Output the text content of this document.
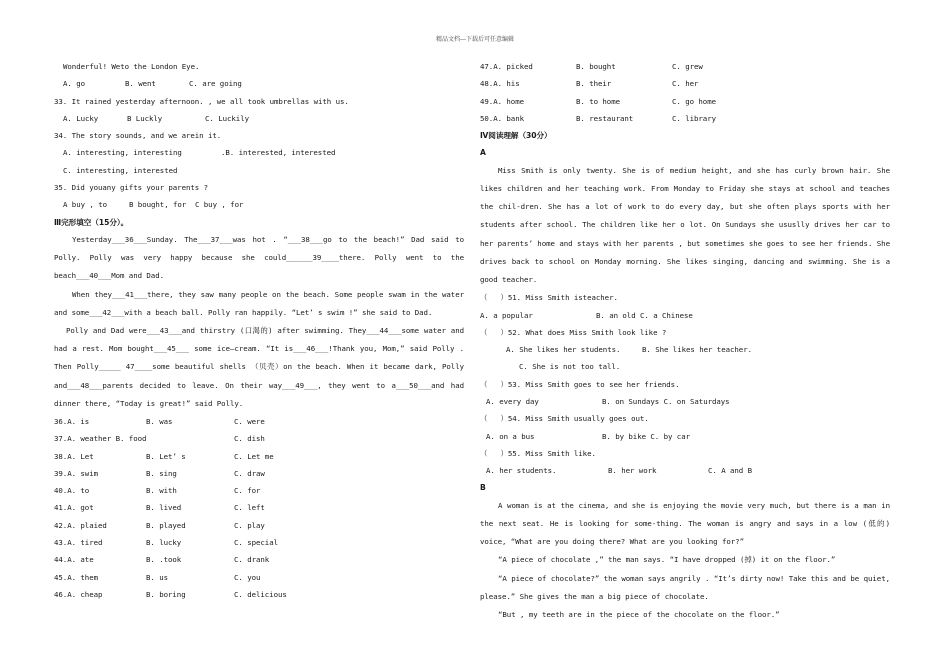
精品文档---下载后可任意编辑
Wonderful! Weto the London Eye.
A. go	B. went	C. are going
33. It rained yesterday afternoon. , we all took umbrellas with us.
A. Lucky	B Luckly	C. Luckily
34. The story sounds, and we arein it.
A. interesting, interesting	.B. interested, interested
C. interesting, interested
35. Did youany gifts your parents ?
A buy , to     B bought, for  C buy , for
Ⅲ完形填空（15分）。
Yesterday___36___Sunday. The___37___was hot . “___38___go to the beach!” Dad said to Polly. Polly was very happy because she could______39____there. Polly went to the beach___40___Mom and Dad.
When they___41___there, they saw many people on the beach. Some people swam in the water and some___42___with a beach ball. Polly ran happily. “Let’ s swim !” she said to Dad.
Polly and Dad were___43___and thirstry (口渴的) after swimming. They___44___some water and had a rest. Mom bought___45___ some ice—cream. “It is___46___!Thank you, Mom,” said Polly . Then Polly_____ 47____some beautiful shells （贝壳）on the beach. When it became dark, Polly and___48___parents decided to leave. On their way___49___, they went to a___50___and had dinner there, “Today is great!” said Polly.
36.A. is	B. was	C. were
37.A. weather B. food	C. dish
38.A. Let	B. Let’ s	C. Let me
39.A. swim	B. sing	C. draw
40.A. to	B. with	C. for
41.A. got	B. lived	C. left
42.A. plaied	B. played	C. play
43.A. tired	B. lucky	C. special
44.A. ate	B. .took	C. drank
45.A. them	B. us	C. you
46.A. cheap	B. boring	C. delicious
47.A. picked	B. bought	C. grew
48.A. his	B. their	C. her
49.A. home	B. to home	C. go home
50.A. bank	B. restaurant	C. library
Ⅳ阅读理解（30分）
A
Miss Smith is only twenty. She is of medium height, and she has curly brown hair. She likes children and her teaching work. From Monday to Friday she stays at school and teaches the chil-dren. She has a lot of work to do every day, but she often plays sports with her students after school. The children like her o lot. On Sundays she ususlly drives her car to her parents’ home and stays with her parents , but sometimes she goes to see her friends. She drives back to school on Monday morning. She likes singing, dancing and swimming. She is a good teacher.
（   ）51. Miss Smith isteacher.
A. a popular	B. an old C. a Chinese
（   ）52. What does Miss Smith look like ?
A. She likes her students.	B. She likes her teacher.
C. She is not too tall.
（   ）53. Miss Smith goes to see her friends.
A. every day	B. on Sundays C. on Saturdays
（   ）54. Miss Smith usually goes out.
A. on a bus	B. by bike C. by car
（   ）55. Miss Smith like.
A. her students.	B. her work	C. A and B
B
A woman is at the cinema, and she is enjoying the movie very much, but there is a man in the next seat. He is looking for some-thing. The woman is angry and says in a low (低的) voice, “What are you doing there? What are you looking for?”
“A piece of chocolate ,” the man says. “I have dropped (掉) it on the floor.”
“A piece of chocolate?” the woman says angrily . “It’s dirty now! Take this and be quiet, please.” She gives the man a big piece of chocolate.
“But , my teeth are in the piece of the chocolate on the floor.”
